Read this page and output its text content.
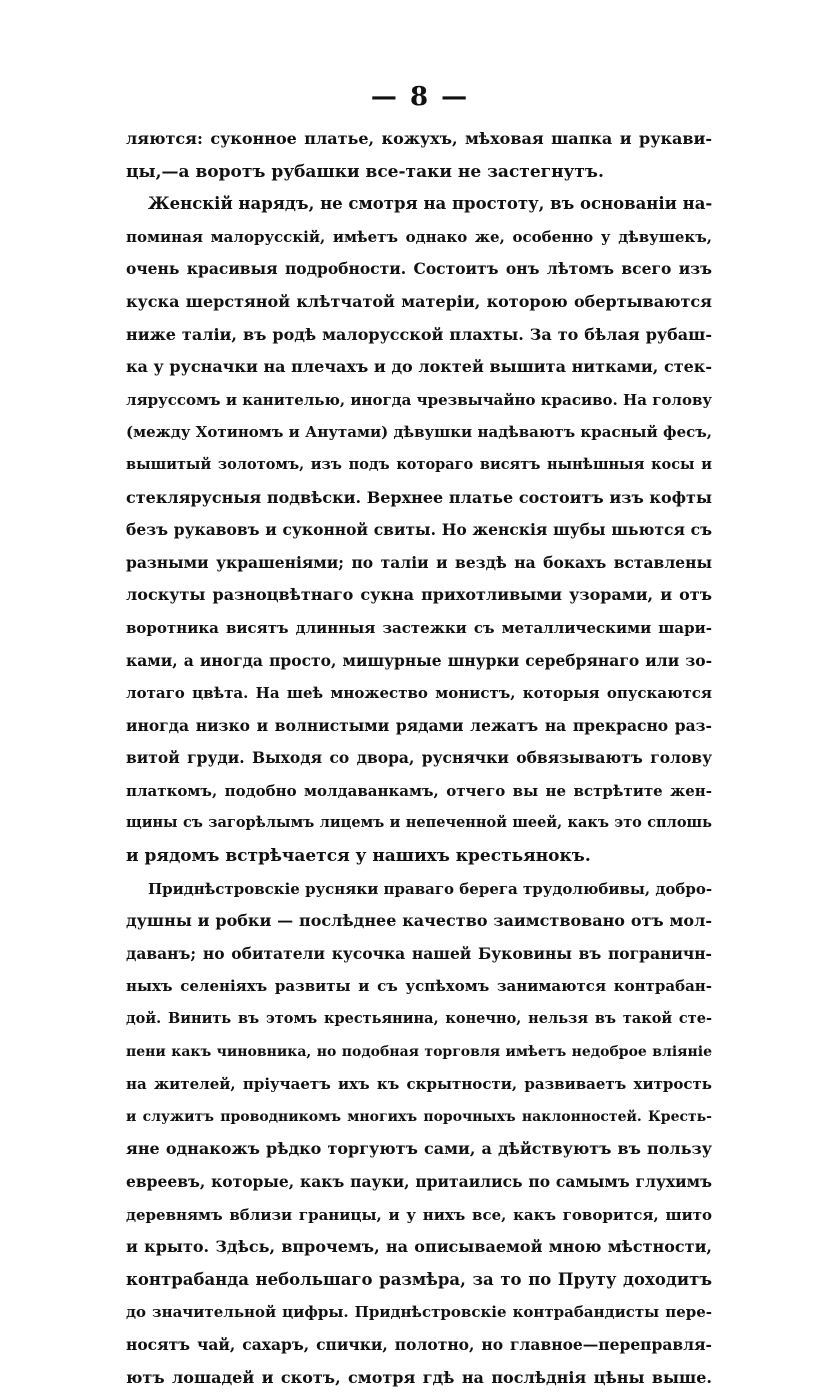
— 8 —
ляются: суконное платье, кожухъ, мѣховая шапка и рукави-
цы,—а воротъ рубашки все-таки не застегнутъ.
Женскій нарядъ, не смотря на простоту, въ основаніи на-
поминая малорусскій, имѣетъ однако же, особенно у дѣвушекъ,
очень красивыя подробности. Состоитъ онъ лѣтомъ всего изъ
куска шерстяной клѣтчатой матеріи, которою обертываются
ниже таліи, въ родѣ малорусской плахты. За то бѣлая рубаш-
ка у русначки на плечахъ и до локтей вышита нитками, стек-
ляруссомъ и канителью, иногда чрезвычайно красиво. На голову
(между Хотиномъ и Анутами) дѣвушки надѣваютъ красный фесъ,
вышитый золотомъ, изъ подъ котораго висятъ нынѣшныя косы и
стеклярусныя подвѣски. Верхнее платье состоитъ изъ кофты
безъ рукавовъ и суконной свиты. Но женскія шубы шьются съ
разными украшеніями; по таліи и вездѣ на бокахъ вставлены
лоскуты разноцвѣтнаго сукна прихотливыми узорами, и отъ
воротника висятъ длинныя застежки съ металлическими шари-
ками, а иногда просто, мишурные шнурки серебрянаго или зо-
лотаго цвѣта. На шеѣ множество монистъ, которыя опускаются
иногда низко и волнистыми рядами лежатъ на прекрасно раз-
витой груди. Выходя со двора, руснячки обвязываютъ голову
платкомъ, подобно молдаванкамъ, отчего вы не встрѣтите жен-
щины съ загорѣлымъ лицемъ и непеченной шеей, какъ это сплошь
и рядомъ встрѣчается у нашихъ крестьянокъ.
Приднѣстровскіе русняки праваго берега трудолюбивы, добро-
душны и робки — послѣднее качество заимствовано отъ мол-
даванъ; но обитатели кусочка нашей Буковины въ пограничн-
ныхъ селеніяхъ развиты и съ успѣхомъ занимаются контрабан-
дой. Винить въ этомъ крестьянина, конечно, нельзя въ такой сте-
пени какъ чиновника, но подобная торговля имѣетъ недоброе вліяніе
на жителей, пріучаетъ ихъ къ скрытности, развиваетъ хитрость
и служитъ проводникомъ многихъ порочныхъ наклонностей. Кресть-
яне однакожъ рѣдко торгуютъ сами, а дѣйствуютъ въ пользу
евреевъ, которые, какъ пауки, притаились по самымъ глухимъ
деревнямъ вблизи границы, и у нихъ все, какъ говорится, шито
и крыто. Здѣсь, впрочемъ, на описываемой мною мѣстности,
контрабанда небольшаго размѣра, за то по Пруту доходитъ
до значительной цифры. Приднѣстровскіе контрабандисты пере-
носятъ чай, сахаръ, спички, полотно, но главное—переправля-
ютъ лошадей и скотъ, смотря гдѣ на послѣднія цѣны выше.
